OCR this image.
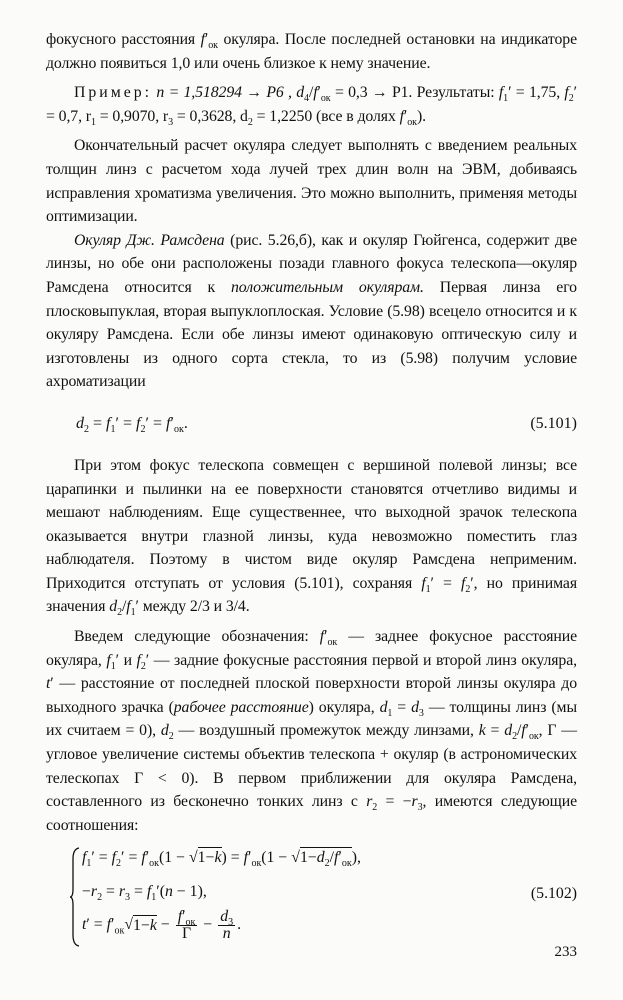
фокусного расстояния $f'_{ок}$ окуляра. После последней остановки на индикаторе должно появиться 1,0 или очень близкое к нему значение.

Пример: n = 1,518294 → P6 , $d_4/f'_{ок} = 0,3 \to P1$. Результаты: $f_1' = 1,75$, $f_2' = 0,7$, $r_1 = 0,9070$, $r_3 = 0,3628$, $d_2 = 1,2250$ (все в долях $f'_{ок}$).

Окончательный расчет окуляра следует выполнять с введением реальных толщин линз с расчетом хода лучей трех длин волн на ЭВМ, добиваясь исправления хроматизма увеличения. Это можно выполнить, применяя методы оптимизации.

Окуляр Дж. Рамсдена (рис. 5.26,б), как и окуляр Гюйгенса, содержит две линзы, но обе они расположены позади главного фокуса телескопа—окуляр Рамсдена относится к положительным окулярам. Первая линза его плосковыпуклая, вторая выпуклоплоская. Условие (5.98) всецело относится и к окуляру Рамсдена. Если обе линзы имеют одинаковую оптическую силу и изготовлены из одного сорта стекла, то из (5.98) получим условие ахроматизации

$d_2 = f_1' = f_2' = f'_{ок}$.	(5.101)

При этом фокус телескопа совмещен с вершиной полевой линзы; все царапинки и пылинки на ее поверхности становятся отчетливо видимы и мешают наблюдениям. Еще существеннее, что выходной зрачок телескопа оказывается внутри глазной линзы, куда невозможно поместить глаз наблюдателя. Поэтому в чистом виде окуляр Рамсдена неприменим. Приходится отступать от условия (5.101), сохраняя $f_1' = f_2'$, но принимая значения $d_2/f_1'$ между 2/3 и 3/4.

Введем следующие обозначения: $f'_{ок}$ — заднее фокусное расстояние окуляра, $f_1'$ и $f_2'$ — задние фокусные расстояния первой и второй линз окуляра, t′ — расстояние от последней плоской поверхности второй линзы окуляра до выходного зрачка (рабочее расстояние) окуляра, $d_1 = d_3$ — толщины линз (мы их считаем = 0), $d_2$ — воздушный промежуток между линзами, $k = d_2/f'_{ок}$, Г — угловое увеличение системы объектив телескопа + окуляр (в астрономических телескопах Г < 0). В первом приближении для окуляра Рамсдена, составленного из бесконечно тонких линз с $r_2 = -r_3$, имеются следующие соотношения:

$f_1' = f_2' = f'_{ок}(1 - √1-k) = f'_{ок}(1 - √1-d_2/f'_{ок})$,
$-r_2 = r_3 = f_1'(n - 1)$,
$t' = f'_{ок}√1-k - \frac{f'_{ок}}{Г} - \frac{d_3}{n}$ .
(5.102)
233
